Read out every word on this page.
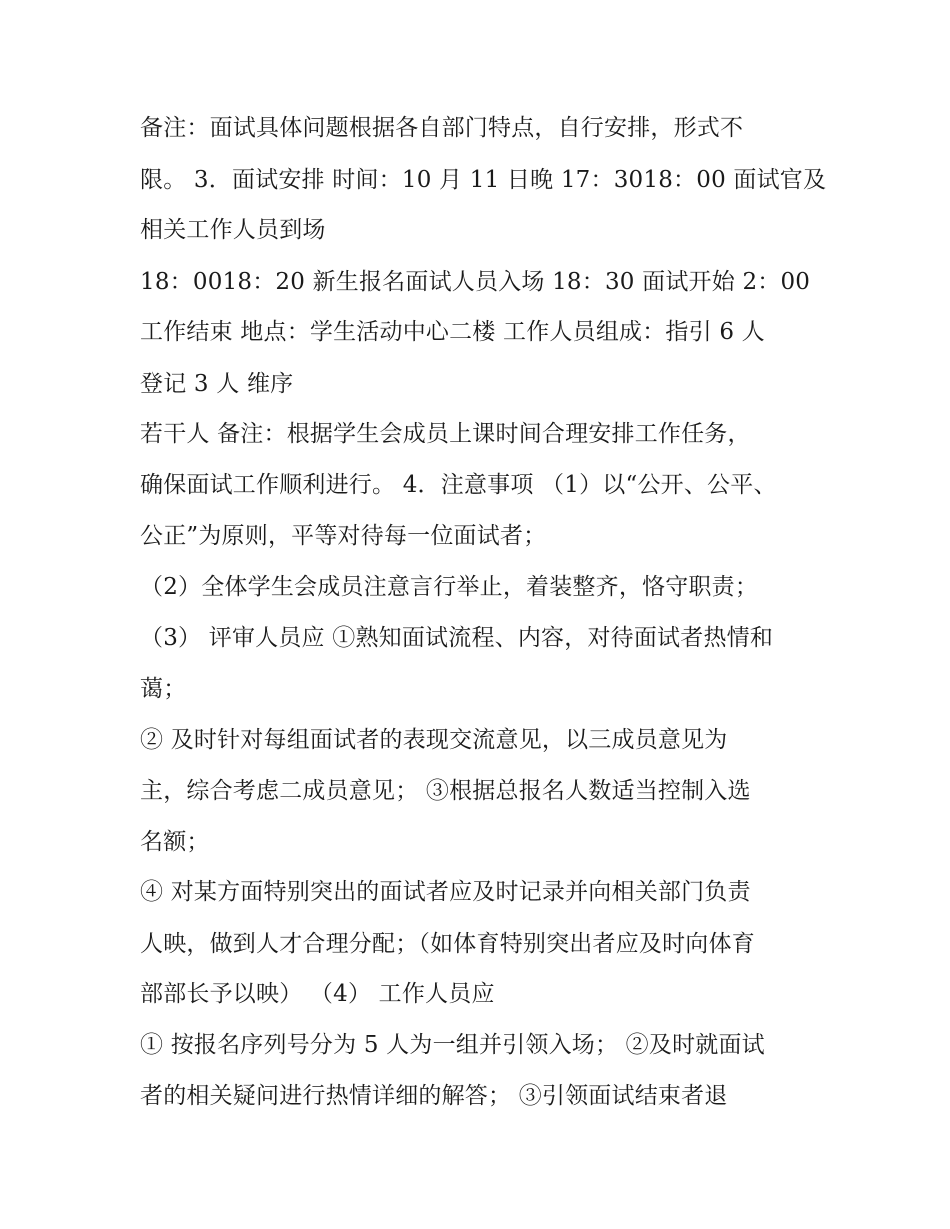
备注：面试具体问题根据各自部门特点，自行安排，形式不
限。 3．面试安排 时间：10 月 11 日晚 17：3018：00 面试官及
相关工作人员到场
18：0018：20 新生报名面试人员入场 18：30 面试开始 2：00
工作结束 地点：学生活动中心二楼 工作人员组成：指引 6 人
登记 3 人 维序
若干人 备注：根据学生会成员上课时间合理安排工作任务，
确保面试工作顺利进行。 4．注意事项 （1）以“公开、公平、
公正”为原则，平等对待每一位面试者；
（2）全体学生会成员注意言行举止，着装整齐，恪守职责；
（3） 评审人员应 ①熟知面试流程、内容，对待面试者热情和
蔼；
② 及时针对每组面试者的表现交流意见，以三成员意见为
主，综合考虑二成员意见； ③根据总报名人数适当控制入选
名额；
④ 对某方面特别突出的面试者应及时记录并向相关部门负责
人映，做到人才合理分配；（如体育特别突出者应及时向体育
部部长予以映） （4） 工作人员应
① 按报名序列号分为 5 人为一组并引领入场； ②及时就面试
者的相关疑问进行热情详细的解答； ③引领面试结束者退
